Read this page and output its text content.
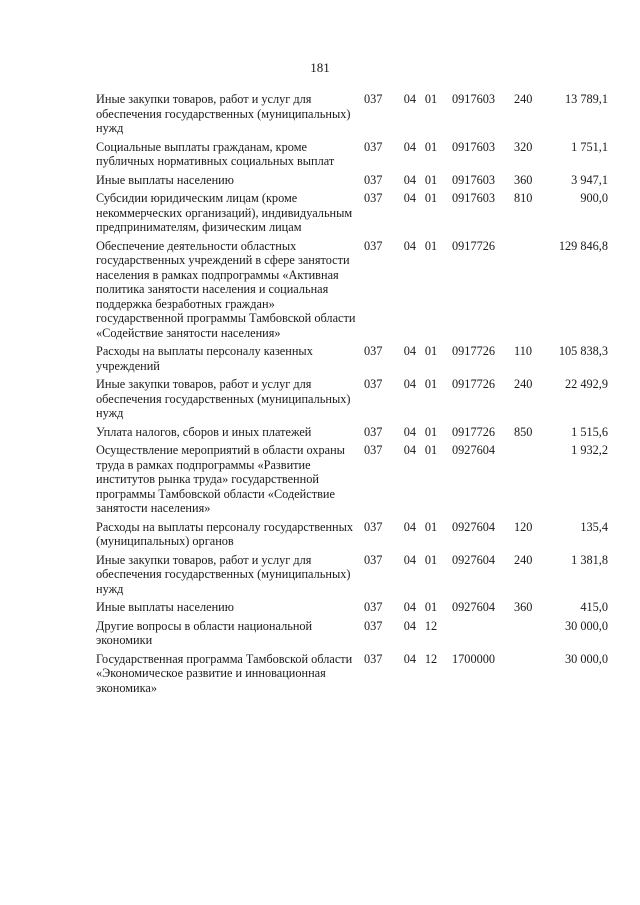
181
Иные закупки товаров, работ и услуг для обеспечения государственных (муниципальных) нужд	037	04	01	0917603	240	13 789,1
Социальные выплаты гражданам, кроме публичных нормативных социальных выплат	037	04	01	0917603	320	1 751,1
Иные выплаты населению	037	04	01	0917603	360	3 947,1
Субсидии юридическим лицам (кроме некоммерческих организаций), индивидуальным предпринимателям, физическим лицам	037	04	01	0917603	810	900,0
Обеспечение деятельности областных государственных учреждений в сфере занятости населения в рамках подпрограммы «Активная политика занятости населения и социальная поддержка безработных граждан» государственной программы Тамбовской области «Содействие занятости населения»	037	04	01	0917726		129 846,8
Расходы на выплаты персоналу казенных учреждений	037	04	01	0917726	110	105 838,3
Иные закупки товаров, работ и услуг для обеспечения государственных (муниципальных) нужд	037	04	01	0917726	240	22 492,9
Уплата налогов, сборов и иных платежей	037	04	01	0917726	850	1 515,6
Осуществление мероприятий в области охраны труда в рамках подпрограммы «Развитие институтов рынка труда» государственной программы Тамбовской области «Содействие занятости населения»	037	04	01	0927604		1 932,2
Расходы на выплаты персоналу государственных (муниципальных) органов	037	04	01	0927604	120	135,4
Иные закупки товаров, работ и услуг для обеспечения государственных (муниципальных) нужд	037	04	01	0927604	240	1 381,8
Иные выплаты населению	037	04	01	0927604	360	415,0
Другие вопросы в области национальной экономики	037	04	12			30 000,0
Государственная программа Тамбовской области «Экономическое развитие и инновационная экономика»	037	04	12	1700000		30 000,0
